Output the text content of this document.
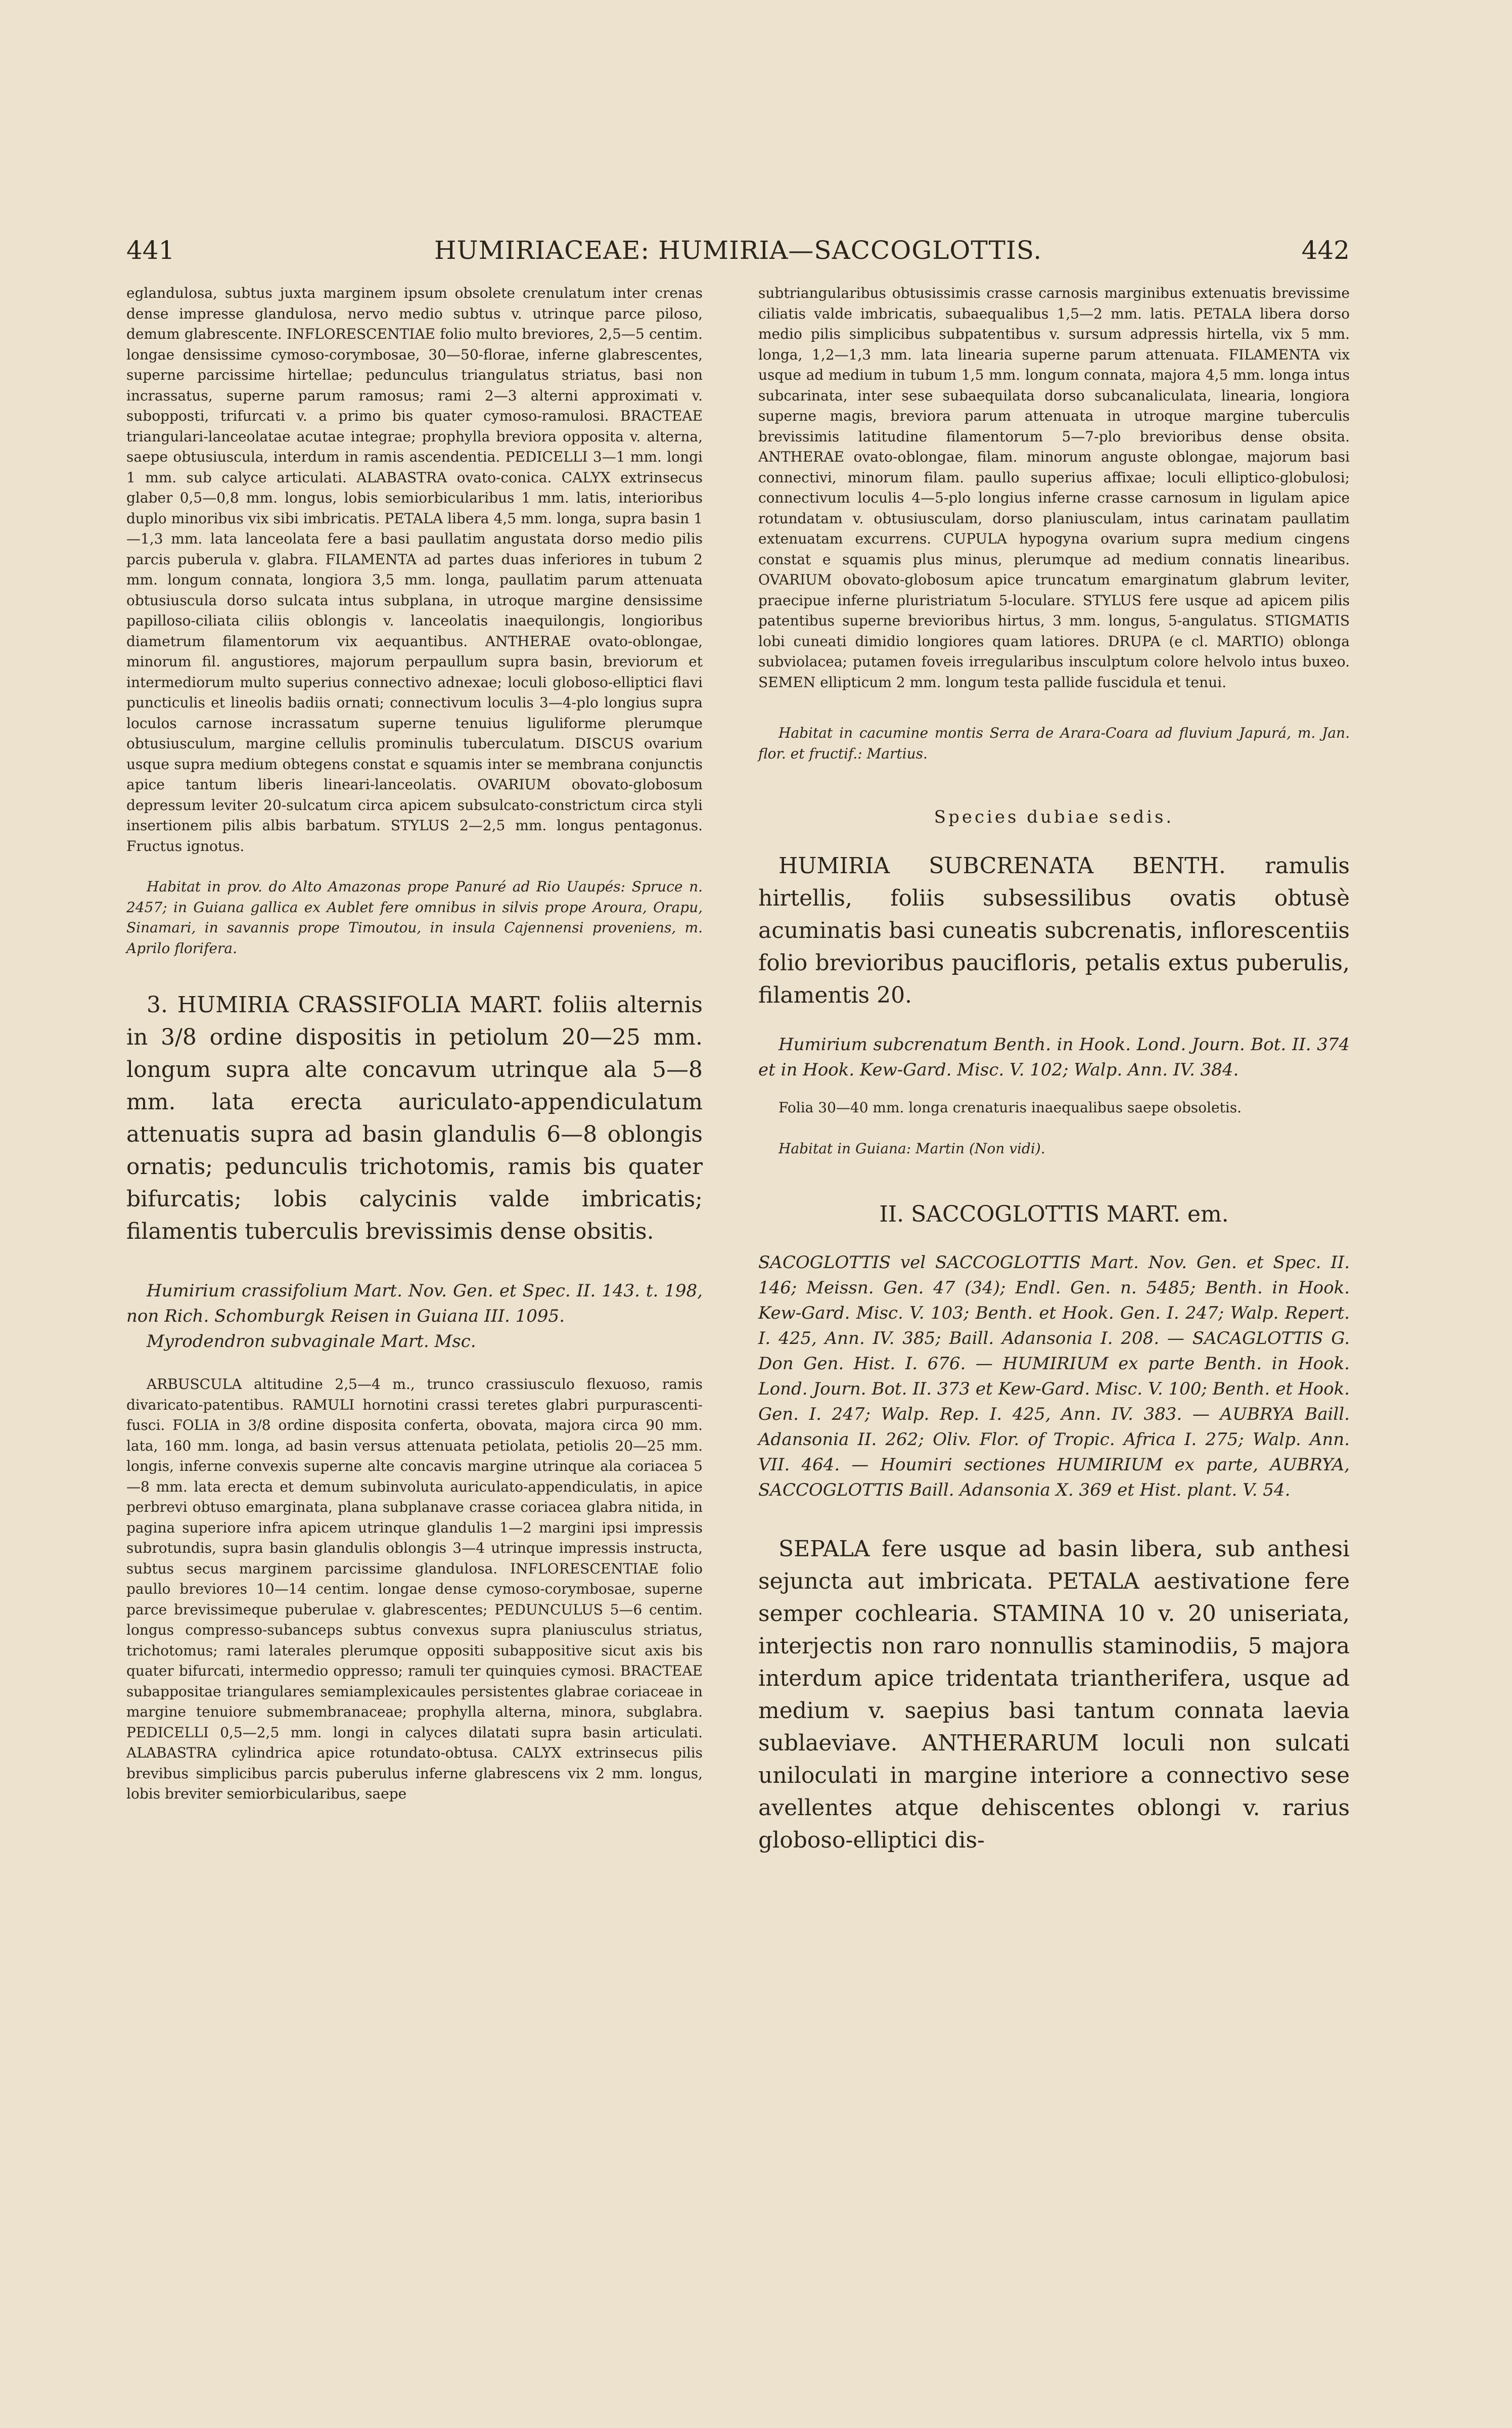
441	HUMIRIACEAE: HUMIRIA—SACCOGLOTTIS.	442

eglandulosa, subtus juxta marginem ipsum obsolete crenulatum inter crenas dense impresse glandulosa, nervo medio subtus v. utrinque parce piloso, demum glabrescente. INFLORESCENTIAE folio multo breviores, 2,5—5 centim. longae densissime cymoso-corymbosae, 30—50-florae, inferne glabrescentes, superne parcissime hirtellae; pedunculus triangulatus striatus, basi non incrassatus, superne parum ramosus; rami 2—3 alterni approximati v. subopposti, trifurcati v. a primo bis quater cymoso-ramulosi. BRACTEAE triangulari-lanceolatae acutae integrae; prophylla breviora opposita v. alterna, saepe obtusiuscula, interdum in ramis ascendentia. PEDICELLI 3—1 mm. longi 1 mm. sub calyce articulati. ALABASTRA ovato-conica. CALYX extrinsecus glaber 0,5—0,8 mm. longus, lobis semiorbicularibus 1 mm. latis, interioribus duplo minoribus vix sibi imbricatis. PETALA libera 4,5 mm. longa, supra basin 1—1,3 mm. lata lanceolata fere a basi paullatim angustata dorso medio pilis parcis puberula v. glabra. FILAMENTA ad partes duas inferiores in tubum 2 mm. longum connata, longiora 3,5 mm. longa, paullatim parum attenuata obtusiuscula dorso sulcata intus subplana, in utroque margine densissime papilloso-ciliata ciliis oblongis v. lanceolatis inaequilongis, longioribus diametrum filamentorum vix aequantibus. ANTHERAE ovato-oblongae, minorum fil. angustiores, majorum perpaullum supra basin, breviorum et intermediorum multo superius connectivo adnexae; loculi globoso-elliptici flavi puncticulis et lineolis badiis ornati; connectivum loculis 3—4-plo longius supra loculos carnose incrassatum superne tenuius liguliforme plerumque obtusiusculum, margine cellulis prominulis tuberculatum. DISCUS ovarium usque supra medium obtegens constat e squamis inter se membrana conjunctis apice tantum liberis lineari-lanceolatis. OVARIUM obovato-globosum depressum leviter 20-sulcatum circa apicem subsulcato-constrictum circa styli insertionem pilis albis barbatum. STYLUS 2—2,5 mm. longus pentagonus. Fructus ignotus.

Habitat in prov. do Alto Amazonas prope Panuré ad Rio Uaupés: Spruce n. 2457; in Guiana gallica ex Aublet fere omnibus in silvis prope Aroura, Orapu, Sinamari, in savannis prope Timoutou, in insula Cajennensi proveniens, m. Aprilo florifera.

3. HUMIRIA CRASSIFOLIA MART. foliis alternis in 3/8 ordine dispositis in petiolum 20—25 mm. longum supra alte concavum utrinque ala 5—8 mm. lata erecta auriculato-appendiculatum attenuatis supra ad basin glandulis 6—8 oblongis ornatis; pedunculis trichotomis, ramis bis quater bifurcatis; lobis calycinis valde imbricatis; filamentis tuberculis brevissimis dense obsitis.

Humirium crassifolium Mart. Nov. Gen. et Spec. II. 143. t. 198, non Rich. Schomburgk Reisen in Guiana III. 1095.

Myrodendron subvaginale Mart. Msc.

ARBUSCULA altitudine 2,5—4 m., trunco crassiusculo flexuoso, ramis divaricato-patentibus. RAMULI hornotini crassi teretes glabri purpurascenti-fusci. FOLIA in 3/8 ordine disposita conferta, obovata, majora circa 90 mm. lata, 160 mm. longa, ad basin versus attenuata petiolata, petiolis 20—25 mm. longis, inferne convexis superne alte concavis margine utrinque ala coriacea 5—8 mm. lata erecta et demum subinvoluta auriculato-appendiculatis, in apice perbrevi obtuso emarginata, plana subplanave crasse coriacea glabra nitida, in pagina superiore infra apicem utrinque glandulis 1—2 margini ipsi impressis subrotundis, supra basin glandulis oblongis 3—4 utrinque impressis instructa, subtus secus marginem parcissime glandulosa. INFLORESCENTIAE folio paullo breviores 10—14 centim. longae dense cymoso-corymbosae, superne parce brevissimeque puberulae v. glabrescentes; PEDUNCULUS 5—6 centim. longus compresso-subanceps subtus convexus supra planiusculus striatus, trichotomus; rami laterales plerumque oppositi subappositive sicut axis bis quater bifurcati, intermedio oppresso; ramuli ter quinquies cymosi. BRACTEAE subappositae triangulares semiamplexicaules persistentes glabrae coriaceae in margine tenuiore submembranaceae; prophylla alterna, minora, subglabra. PEDICELLI 0,5—2,5 mm. longi in calyces dilatati supra basin articulati. ALABASTRA cylindrica apice rotundato-obtusa. CALYX extrinsecus pilis brevibus simplicibus parcis puberulus inferne glabrescens vix 2 mm. longus, lobis breviter semiorbicularibus, saepe

subtriangularibus obtusissimis crasse carnosis marginibus extenuatis brevissime ciliatis valde imbricatis, subaequalibus 1,5—2 mm. latis. PETALA libera dorso medio pilis simplicibus subpatentibus v. sursum adpressis hirtella, vix 5 mm. longa, 1,2—1,3 mm. lata linearia superne parum attenuata. FILAMENTA vix usque ad medium in tubum 1,5 mm. longum connata, majora 4,5 mm. longa intus subcarinata, inter sese subaequilata dorso subcanaliculata, linearia, longiora superne magis, breviora parum attenuata in utroque margine tuberculis brevissimis latitudine filamentorum 5—7-plo brevioribus dense obsita. ANTHERAE ovato-oblongae, filam. minorum anguste oblongae, majorum basi connectivi, minorum filam. paullo superius affixae; loculi elliptico-globulosi; connectivum loculis 4—5-plo longius inferne crasse carnosum in ligulam apice rotundatam v. obtusiusculam, dorso planiusculam, intus carinatam paullatim extenuatam excurrens. CUPULA hypogyna ovarium supra medium cingens constat e squamis plus minus, plerumque ad medium connatis linearibus. OVARIUM obovato-globosum apice truncatum emarginatum glabrum leviter, praecipue inferne pluristriatum 5-loculare. STYLUS fere usque ad apicem pilis patentibus superne brevioribus hirtus, 3 mm. longus, 5-angulatus. STIGMATIS lobi cuneati dimidio longiores quam latiores. DRUPA (e cl. MARTIO) oblonga subviolacea; putamen foveis irregularibus insculptum colore helvolo intus buxeo. SEMEN ellipticum 2 mm. longum testa pallide fuscidula et tenui.

Habitat in cacumine montis Serra de Arara-Coara ad fluvium Japurá, m. Jan. flor. et fructif.: Martius.

Species dubiae sedis.

HUMIRIA SUBCRENATA BENTH. ramulis hirtellis, foliis subsessilibus ovatis obtusè acuminatis basi cuneatis subcrenatis, inflorescentiis folio brevioribus paucifloris, petalis extus puberulis, filamentis 20.

Humirium subcrenatum Benth. in Hook. Lond. Journ. Bot. II. 374 et in Hook. Kew-Gard. Misc. V. 102; Walp. Ann. IV. 384.

Folia 30—40 mm. longa crenaturis inaequalibus saepe obsoletis.

Habitat in Guiana: Martin (Non vidi).

II. SACCOGLOTTIS MART. em.

SACOGLOTTIS vel SACCOGLOTTIS Mart. Nov. Gen. et Spec. II. 146; Meissn. Gen. 47 (34); Endl. Gen. n. 5485; Benth. in Hook. Kew-Gard. Misc. V. 103; Benth. et Hook. Gen. I. 247; Walp. Repert. I. 425, Ann. IV. 385; Baill. Adansonia I. 208. — SACAGLOTTIS G. Don Gen. Hist. I. 676. — HUMIRIUM ex parte Benth. in Hook. Lond. Journ. Bot. II. 373 et Kew-Gard. Misc. V. 100; Benth. et Hook. Gen. I. 247; Walp. Rep. I. 425, Ann. IV. 383. — AUBRYA Baill. Adansonia II. 262; Oliv. Flor. of Tropic. Africa I. 275; Walp. Ann. VII. 464. — Houmiri sectiones HUMIRIUM ex parte, AUBRYA, SACCOGLOTTIS Baill. Adansonia X. 369 et Hist. plant. V. 54.

SEPALA fere usque ad basin libera, sub anthesi sejuncta aut imbricata. PETALA aestivatione fere semper cochlearia. STAMINA 10 v. 20 uniseriata, interjectis non raro nonnullis staminodiis, 5 majora interdum apice tridentata triantherifera, usque ad medium v. saepius basi tantum connata laevia sublaeviave. ANTHERARUM loculi non sulcati uniloculati in margine interiore a connectivo sese avellentes atque dehiscentes oblongi v. rarius globoso-elliptici dis-
